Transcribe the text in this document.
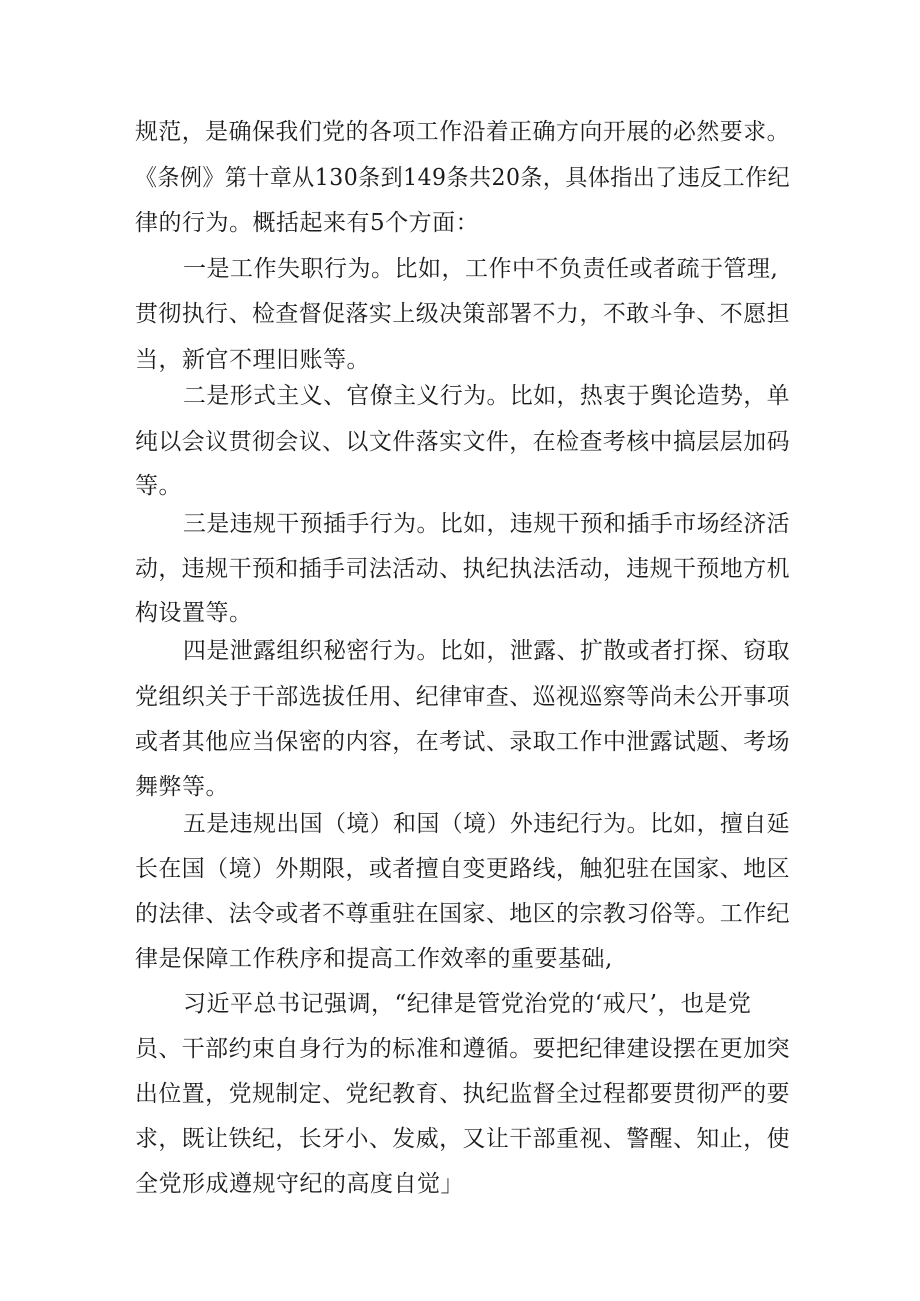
规范，是确保我们党的各项工作沿着正确方向开展的必然要求。
《条例》第十章从130条到149条共20条，具体指出了违反工作纪
律的行为。概括起来有5个方面：
一是工作失职行为。比如，工作中不负责任或者疏于管理,
贯彻执行、检查督促落实上级决策部署不力，不敢斗争、不愿担
当，新官不理旧账等。
二是形式主义、官僚主义行为。比如，热衷于舆论造势，单
纯以会议贯彻会议、以文件落实文件，在检查考核中搞层层加码
等。
三是违规干预插手行为。比如，违规干预和插手市场经济活
动，违规干预和插手司法活动、执纪执法活动，违规干预地方机
构设置等。
四是泄露组织秘密行为。比如，泄露、扩散或者打探、窃取
党组织关于干部选拔任用、纪律审查、巡视巡察等尚未公开事项
或者其他应当保密的内容，在考试、录取工作中泄露试题、考场
舞弊等。
五是违规出国（境）和国（境）外违纪行为。比如，擅自延
长在国（境）外期限，或者擅自变更路线，触犯驻在国家、地区
的法律、法令或者不尊重驻在国家、地区的宗教习俗等。工作纪
律是保障工作秩序和提高工作效率的重要基础,
习近平总书记强调，“纪律是管党治党的‘戒尺’，也是党
员、干部约束自身行为的标准和遵循。要把纪律建设摆在更加突
出位置，党规制定、党纪教育、执纪监督全过程都要贯彻严的要
求，既让铁纪，长牙小、发威，又让干部重视、警醒、知止，使
全党形成遵规守纪的高度自觉」
